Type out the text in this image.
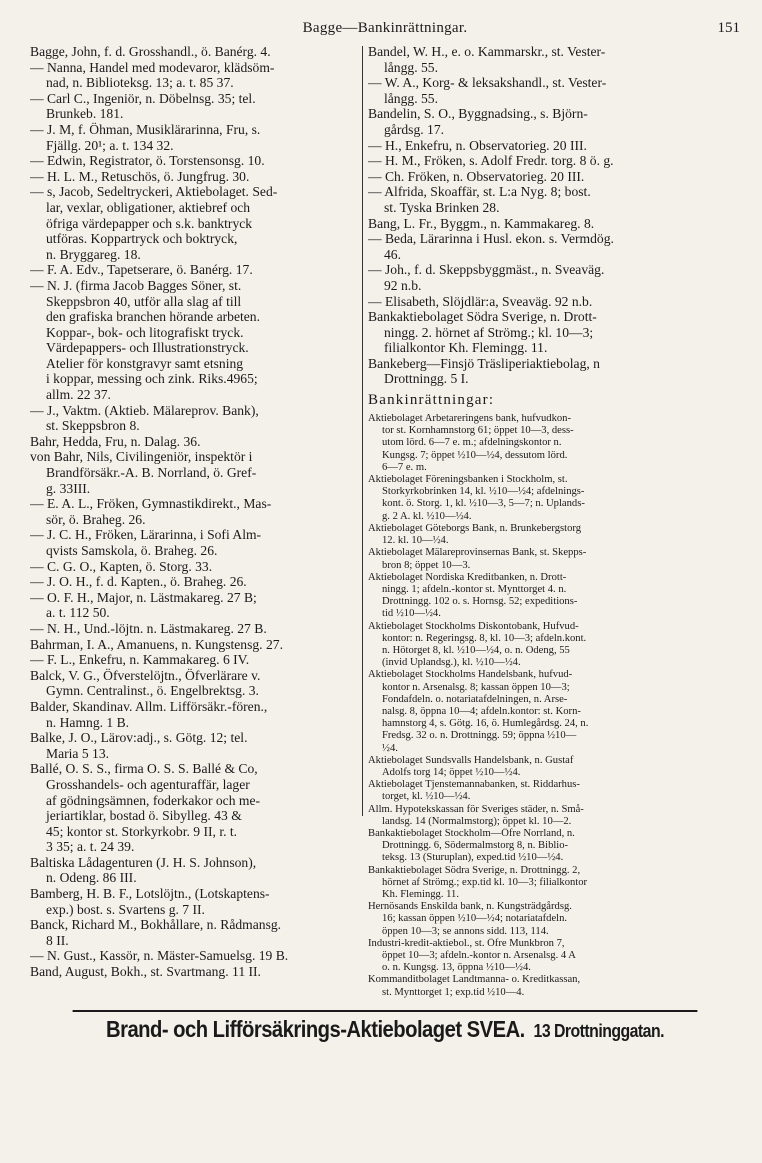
Bagge—Bankinrättningar.	151
Bagge, John, f. d. Grosshandl., ö. Banérg. 4.
— Nanna, Handel med modevaror, klädsöm-
nad, n. Biblioteksg. 13; a. t. 85 37.
— Carl C., Ingeniör, n. Döbelnsg. 35; tel.
Brunkeb. 181.
— J. M, f. Öhman, Musiklärarinna, Fru, s.
Fjällg. 20¹; a. t. 134 32.
— Edwin, Registrator, ö. Torstensonsg. 10.
— H. L. M., Retuschös, ö. Jungfrug. 30.
— s, Jacob, Sedeltryckeri, Aktiebolaget. Sed-
lar, vexlar, obligationer, aktiebref och
öfriga värdepapper och s.k. banktryck
utföras. Koppartryck och boktryck,
n. Bryggareg. 18.
— F. A. Edv., Tapetserare, ö. Banérg. 17.
— N. J. (firma Jacob Bagges Söner, st.
Skeppsbron 40, utför alla slag af till
den grafiska branchen hörande arbeten.
Koppar-, bok- och litografiskt tryck.
Värdepappers- och Illustrationstryck.
Atelier för konstgravyr samt etsning
i koppar, messing och zink. Riks.4965;
allm. 22 37.
— J., Vaktm. (Aktieb. Mälareprov. Bank),
st. Skeppsbron 8.
Bahr, Hedda, Fru, n. Dalag. 36.
von Bahr, Nils, Civilingeniör, inspektör i
Brandförsäkr.-A. B. Norrland, ö. Gref-
g. 33III.
— E. A. L., Fröken, Gymnastikdirekt., Mas-
sör, ö. Braheg. 26.
— J. C. H., Fröken, Lärarinna, i Sofi Alm-
qvists Samskola, ö. Braheg. 26.
— C. G. O., Kapten, ö. Storg. 33.
— J. O. H., f. d. Kapten., ö. Braheg. 26.
— O. F. H., Major, n. Lästmakareg. 27 B;
a. t. 112 50.
— N. H., Und.-löjtn. n. Lästmakareg. 27 B.
Bahrman, I. A., Amanuens, n. Kungstensg. 27.
— F. L., Enkefru, n. Kammakareg. 6 IV.
Balck, V. G., Öfverstelöjtn., Öfverlärare v.
Gymn. Centralinst., ö. Engelbrektsg. 3.
Balder, Skandinav. Allm. Lifförsäkr.-fören.,
n. Hamng. 1 B.
Balke, J. O., Lärov:adj., s. Götg. 12; tel.
Maria 5 13.
Ballé, O. S. S., firma O. S. S. Ballé & Co,
Grosshandels- och agenturaffär, lager
af gödningsämnen, foderkakor och me-
jeriartiklar, bostad ö. Sibylleg. 43 &
45; kontor st. Storkyrkobr. 9 II, r. t.
3 35; a. t. 24 39.
Baltiska Lådagenturen (J. H. S. Johnson),
n. Odeng. 86 III.
Bamberg, H. B. F., Lotslöjtn., (Lotskaptens-
exp.) bost. s. Svartens g. 7 II.
Banck, Richard M., Bokhållare, n. Rådmansg.
8 II.
— N. Gust., Kassör, n. Mäster-Samuelsg. 19 B.
Band, August, Bokh., st. Svartmang. 11 II.
Bandel, W. H., e. o. Kammarskr., st. Vester-
långg. 55.
— W. A., Korg- & leksakshandl., st. Vester-
långg. 55.
Bandelin, S. O., Byggnadsing., s. Björn-
gårdsg. 17.
— H., Enkefru, n. Observatorieg. 20 III.
— H. M., Fröken, s. Adolf Fredr. torg. 8 ö. g.
— Ch. Fröken, n. Observatorieg. 20 III.
— Alfrida, Skoaffär, st. L:a Nyg. 8; bost.
st. Tyska Brinken 28.
Bang, L. Fr., Byggm., n. Kammakareg. 8.
— Beda, Lärarinna i Husl. ekon. s. Vermdög.
46.
— Joh., f. d. Skeppsbyggmäst., n. Sveaväg.
92 n.b.
— Elisabeth, Slöjdlär:a, Sveaväg. 92 n.b.
Bankaktiebolaget Södra Sverige, n. Drott-
ningg. 2. hörnet af Strömg.; kl. 10—3;
filialkontor Kh. Flemingg. 11.
Bankeberg—Finsjö Träsliperiaktiebolag, n
Drottningg. 5 I.
Bankinrättningar:
Aktiebolaget Arbetareringens bank, hufvudkon-
tor st. Kornhamnstorg 61; öppet 10—3, dess-
utom lörd. 6—7 e. m.; afdelningskontor n.
Kungsg. 7; öppet ½10—½4, dessutom lörd.
6—7 e. m.
Aktiebolaget Föreningsbanken i Stockholm, st.
Storkyrkobrinken 14, kl. ½10—½4; afdelnings-
kont. ö. Storg. 1, kl. ½10—3, 5—7; n. Uplands-
g. 2 A. kl. ½10—½4.
Aktiebolaget Göteborgs Bank, n. Brunkebergstorg
12. kl. 10—½4.
Aktiebolaget Mälareprovinsernas Bank, st. Skepps-
bron 8; öppet 10—3.
Aktiebolaget Nordiska Kreditbanken, n. Drott-
ningg. 1; afdeln.-kontor st. Mynttorget 4. n.
Drottningg. 102 o. s. Hornsg. 52; expeditions-
tid ½10—½4.
Aktiebolaget Stockholms Diskontobank, Hufvud-
kontor: n. Regeringsg. 8, kl. 10—3; afdeln.kont.
n. Hötorget 8, kl. ½10—½4, o. n. Odeng, 55
(invid Uplandsg.), kl. ½10—½4.
Aktiebolaget Stockholms Handelsbank, hufvud-
kontor n. Arsenalsg. 8; kassan öppen 10—3;
Fondafdeln. o. notariatafdelningen, n. Arse-
nalsg. 8, öppna 10—4; afdeln.kontor: st. Korn-
hamnstorg 4, s. Götg. 16, ö. Humlegårdsg. 24, n.
Fredsg. 32 o. n. Drottningg. 59; öppna ½10—
½4.
Aktiebolaget Sundsvalls Handelsbank, n. Gustaf
Adolfs torg 14; öppet ½10—½4.
Aktiebolaget Tjenstemannabanken, st. Riddarhus-
torget, kl. ½10—½4.
Allm. Hypotekskassan för Sveriges städer, n. Små-
landsg. 14 (Normalmstorg); öppet kl. 10—2.
Bankaktiebolaget Stockholm—Öfre Norrland, n.
Drottningg. 6, Södermalmstorg 8, n. Biblio-
teksg. 13 (Sturuplan), exped.tid ½10—½4.
Bankaktiebolaget Södra Sverige, n. Drottningg. 2,
hörnet af Strömg.; exp.tid kl. 10—3; filialkontor
Kh. Flemingg. 11.
Hernösands Enskilda bank, n. Kungsträdgårdsg.
16; kassan öppen ½10—½4; notariatafdeln.
öppen 10—3; se annons sidd. 113, 114.
Industri-kredit-aktiebol., st. Öfre Munkbron 7,
öppet 10—3; afdeln.-kontor n. Arsenalsg. 4 A
o. n. Kungsg. 13, öppna ½10—½4.
Kommanditbolaget Landtmanna- o. Kreditkassan,
st. Mynttorget 1; exp.tid ½10—4.
Brand- och Lifförsäkrings-Aktiebolaget SVEA. 13 Drottninggatan.
